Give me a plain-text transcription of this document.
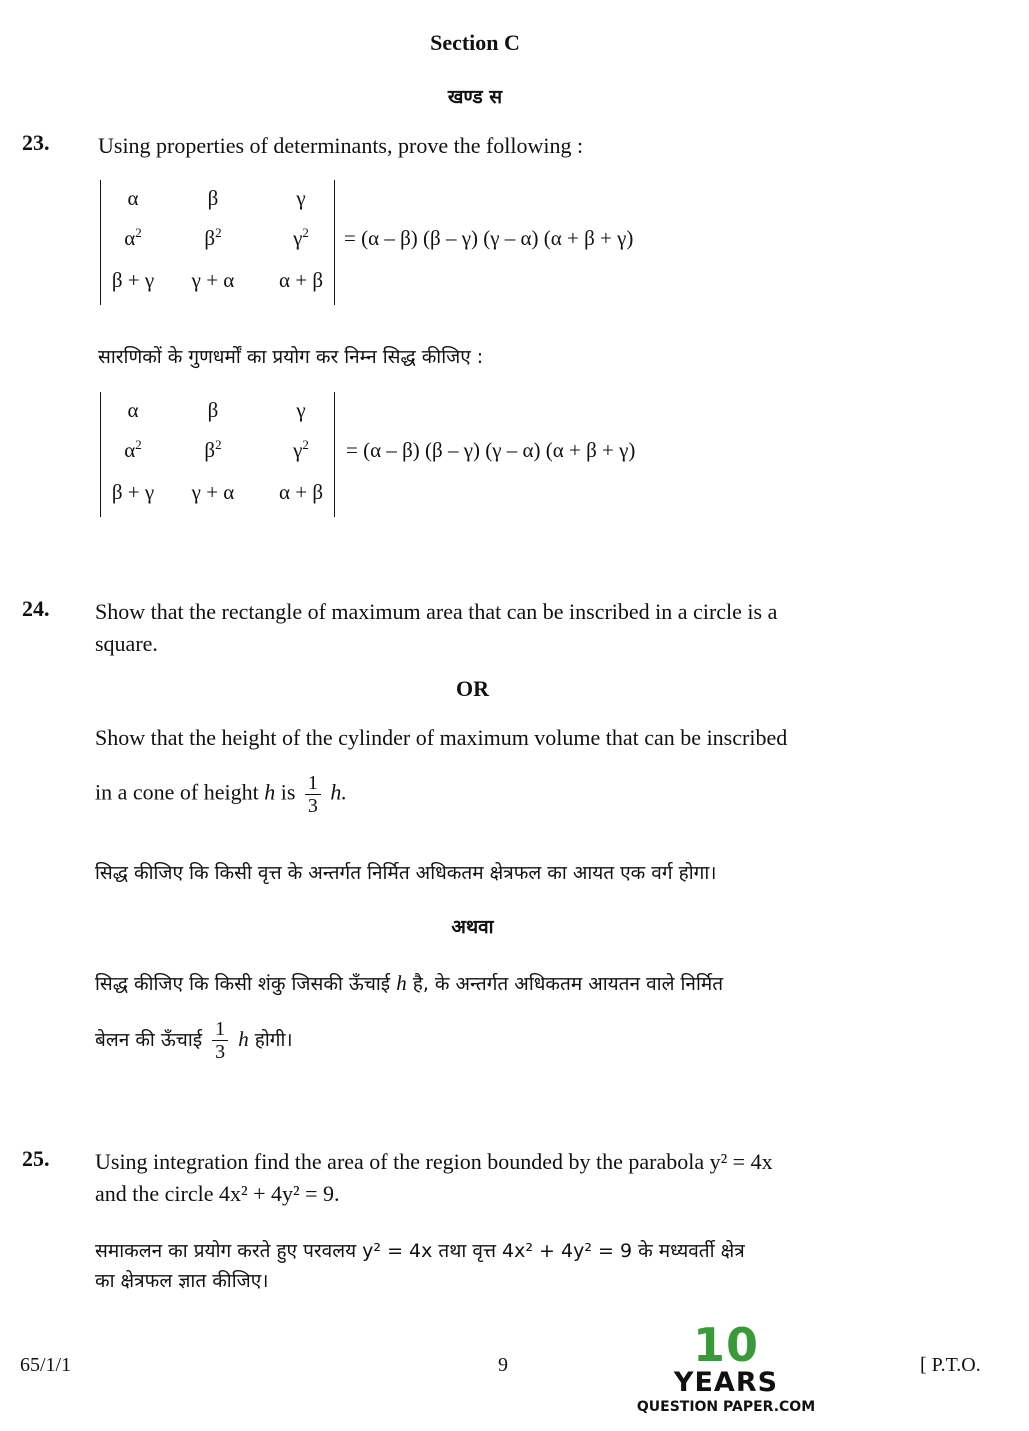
Section C
खण्ड स
23. Using properties of determinants, prove the following :
α	β	γ
$\alpha^2$	$\beta^2$	$\gamma^2$
β + γ	γ + α	α + β
= (α – β) (β – γ) (γ – α) (α + β + γ)
सारणिकों के गुणधर्मों का प्रयोग कर निम्न सिद्ध कीजिए :
α	β	γ
$\alpha^2$	$\beta^2$	$\gamma^2$
β + γ	γ + α	α + β
= (α – β) (β – γ) (γ – α) (α + β + γ)
24. Show that the rectangle of maximum area that can be inscribed in a circle is a
square.
OR
Show that the height of the cylinder of maximum volume that can be inscribed
in a cone of height h is $\frac{1}{3} h$.
सिद्ध कीजिए कि किसी वृत्त के अन्तर्गत निर्मित अधिकतम क्षेत्रफल का आयत एक वर्ग होगा।
अथवा
सिद्ध कीजिए कि किसी शंकु जिसकी ऊँचाई h है, के अन्तर्गत अधिकतम आयतन वाले निर्मित
बेलन की ऊँचाई $\frac{1}{3}$ h होगी।
25. Using integration find the area of the region bounded by the parabola y² = 4x
and the circle 4x² + 4y² = 9.
समाकलन का प्रयोग करते हुए परवलय y² = 4x तथा वृत्त 4x² + 4y² = 9 के मध्यवर्ती क्षेत्र
का क्षेत्रफल ज्ञात कीजिए।
65/1/1	9	[ P.T.O.
10
YEARS
QUESTION PAPER.COM
